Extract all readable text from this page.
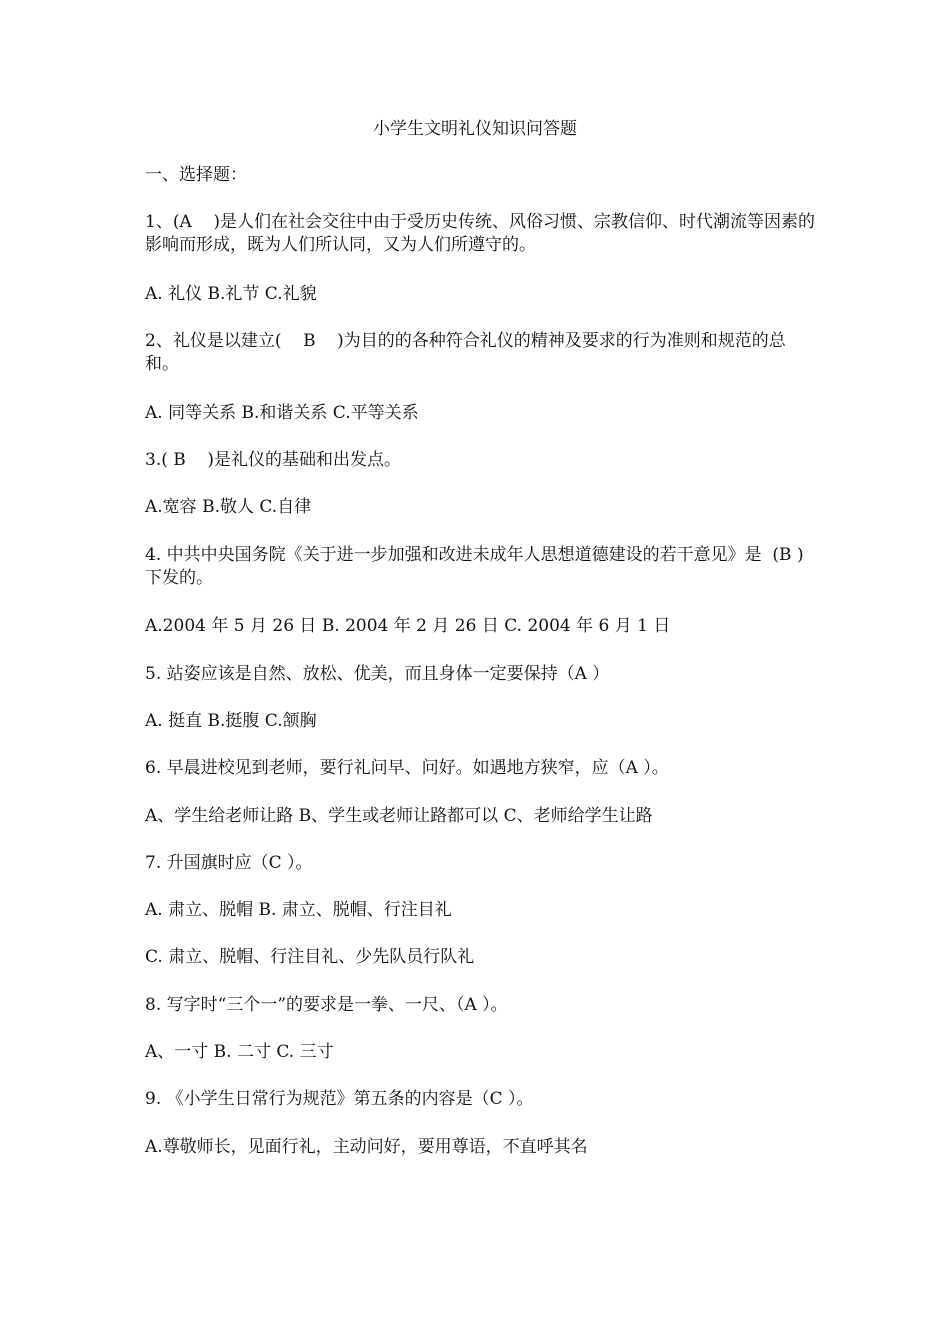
小学生文明礼仪知识问答题

一、选择题：

1、(A    )是人们在社会交往中由于受历史传统、风俗习惯、宗教信仰、时代潮流等因素的影响而形成，既为人们所认同，又为人们所遵守的。

A. 礼仪 B.礼节 C.礼貌

2、礼仪是以建立(    B    )为目的的各种符合礼仪的精神及要求的行为准则和规范的总和。

A. 同等关系 B.和谐关系 C.平等关系

3.( B    )是礼仪的基础和出发点。

A.宽容 B.敬人 C.自律

4. 中共中央国务院《关于进一步加强和改进未成年人思想道德建设的若干意见》是  (B ) 下发的。

A.2004 年 5 月 26 日 B. 2004 年 2 月 26 日 C. 2004 年 6 月 1 日

5. 站姿应该是自然、放松、优美，而且身体一定要保持（A ）

A. 挺直 B.挺腹 C.颔胸

6. 早晨进校见到老师，要行礼问早、问好。如遇地方狭窄，应（A ）。

A、学生给老师让路 B、学生或老师让路都可以 C、老师给学生让路

7. 升国旗时应（C ）。

A. 肃立、脱帽 B. 肃立、脱帽、行注目礼

C. 肃立、脱帽、行注目礼、少先队员行队礼

8. 写字时“三个一”的要求是一拳、一尺、（A ）。

A、一寸 B. 二寸 C. 三寸

9. 《小学生日常行为规范》第五条的内容是（C ）。

A.尊敬师长，见面行礼，主动问好，要用尊语，不直呼其名
